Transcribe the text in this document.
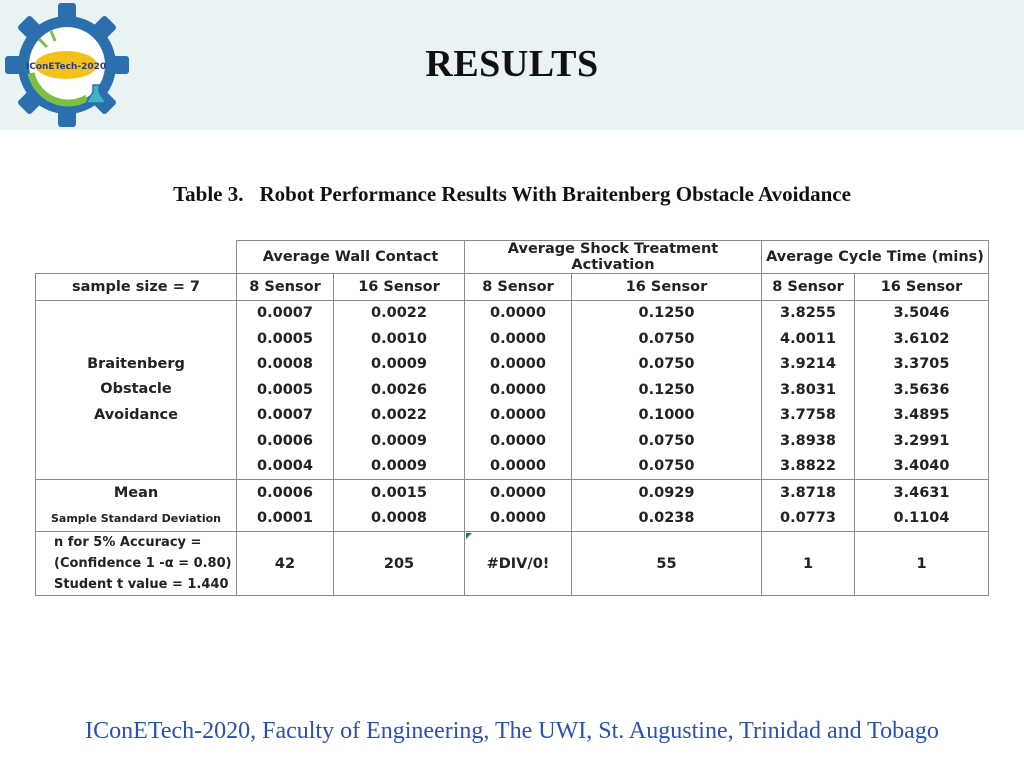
IConETech-2020	RESULTS
Table 3. Robot Performance Results With Braitenberg Obstacle Avoidance
	Average Wall Contact		Average Shock Treatment Activation		Average Cycle Time (mins)	
sample size = 7	8 Sensor	16 Sensor	8 Sensor	16 Sensor	8 Sensor	16 Sensor

Braitenberg
Obstacle
Avoidance	0.0007	0.0022	0.0000	0.1250	3.8255	3.5046
	0.0005	0.0010	0.0000	0.0750	4.0011	3.6102
	0.0008	0.0009	0.0000	0.0750	3.9214	3.3705
	0.0005	0.0026	0.0000	0.1250	3.8031	3.5636
	0.0007	0.0022	0.0000	0.1000	3.7758	3.4895
	0.0006	0.0009	0.0000	0.0750	3.8938	3.2991
	0.0004	0.0009	0.0000	0.0750	3.8822	3.4040
Mean	0.0006	0.0015	0.0000	0.0929	3.8718	3.4631
Sample Standard Deviation	0.0001	0.0008	0.0000	0.0238	0.0773	0.1104

n for 5% Accuracy =
(Confidence 1 -α = 0.80)
Student t value = 1.440	42	205	#DIV/0!	55	1	1
IConETech-2020, Faculty of Engineering, The UWI, St. Augustine, Trinidad and Tobago
